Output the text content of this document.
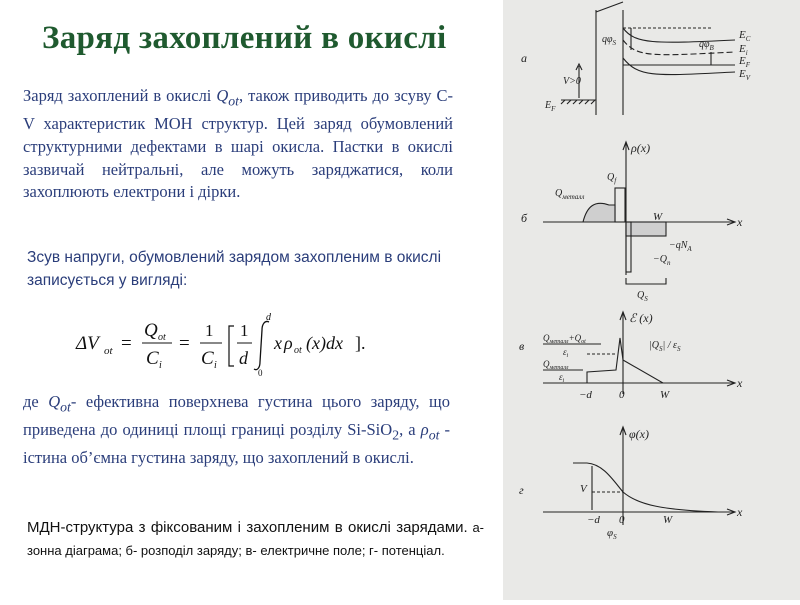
Заряд захоплений в окислі
Заряд захоплений в окислі $Q_{ot}$, також приводить до зсуву C-V характеристик МОН структур. Цей заряд обумовлений структурними дефектами в шарі окисла. Пастки в окислі зазвичай нейтральні, але можуть заряджатися, коли захоплюють електрони і дірки.
Зсув напруги, обумовлений зарядом захопленим в окислі записується у вигляді:
ΔV ot =
Q ot
C i
=
1
C i
1
d
d
0
x ρ ot (x)dx ].
де $Q_{ot}-$ ефективна поверхнева густина цього заряду, що приведена до одиниці площі границі розділу Si-SiO$_2$, а $\rho_{ot}$ - істина об’ємна густина заряду, що захоплений в окислі.
МДН-структура з фіксованим і захопленим в окислі зарядами. а- зонна діаграма; б- розподіл заряду; в- електричне поле; г- потенціал.
а
$q\varphi_S$	$q\varphi_B$
V>0
$E_F$
$E_C$
$E_i$
$E_F$
$E_V$
б
ρ(x)
x
$Q_f$
$Q_{металл}$
W
$-qN_A$
$-Q_n$
$Q_S$
в
ℰ (x)
x
$Q_{металл}+Q_{ot}$
$\varepsilon_i$
$Q_{металл}$
$\varepsilon_i$
$|Q_S| / \varepsilon_S$
−d 0	W
г
φ(x)
x
V
−d 0	W
$\varphi_S$
